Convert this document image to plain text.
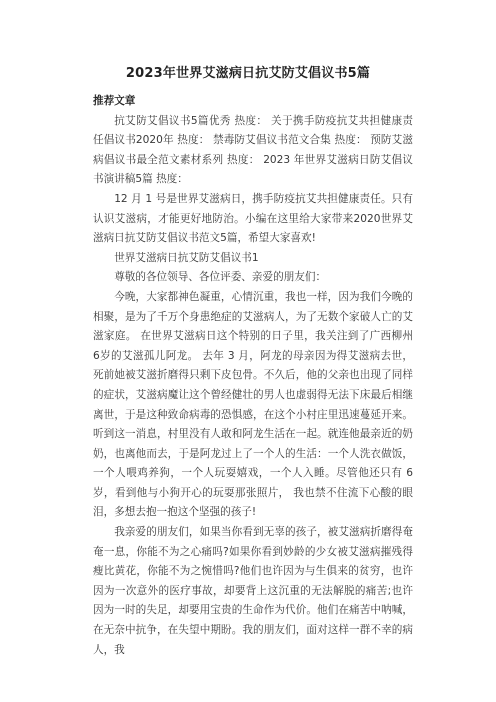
2023年世界艾滋病日抗艾防艾倡议书5篇

推荐文章

抗艾防艾倡议书5篇优秀 热度： 关于携手防疫抗艾共担健康责任倡议书2020年 热度： 禁毒防艾倡议书范文合集 热度： 预防艾滋病倡议书最全范文素材系列 热度： 2023 年世界艾滋病日防艾倡议书演讲稿5篇 热度：

12 月 1 号是世界艾滋病日，携手防疫抗艾共担健康责任。只有认识艾滋病，才能更好地防治。小编在这里给大家带来2020世界艾滋病日抗艾防艾倡议书范文5篇，希望大家喜欢!

世界艾滋病日抗艾防艾倡议书1

尊敬的各位领导、各位评委、亲爱的朋友们：

今晚，大家都神色凝重，心情沉重，我也一样，因为我们今晚的相聚，是为了千万个身患绝症的艾滋病人，为了无数个家破人亡的艾滋家庭。 在世界艾滋病日这个特别的日子里，我关注到了广西柳州 6岁的艾滋孤儿阿龙。 去年 3 月，阿龙的母亲因为得艾滋病去世，死前她被艾滋折磨得只剩下皮包骨。不久后，他的父亲也出现了同样的症状，艾滋病魔让这个曾经健壮的男人也虚弱得无法下床最后相继离世，于是这种致命病毒的恐惧感，在这个小村庄里迅速蔓延开来。听到这一消息，村里没有人敢和阿龙生活在一起。就连他最亲近的奶奶，也离他而去，于是阿龙过上了一个人的生活：一个人洗衣做饭，一个人喂鸡养狗，一个人玩耍嬉戏，一个人入睡。尽管他还只有 6 岁，看到他与小狗开心的玩耍那张照片， 我也禁不住流下心酸的眼泪，多想去抱一抱这个坚强的孩子!

我亲爱的朋友们，如果当你看到无辜的孩子，被艾滋病折磨得奄奄一息，你能不为之心痛吗?如果你看到妙龄的少女被艾滋病摧残得瘦比黄花，你能不为之惋惜吗?他们也许因为与生俱来的贫穷，也许因为一次意外的医疗事故，却要背上这沉重的无法解脱的痛苦;也许因为一时的失足，却要用宝贵的生命作为代价。他们在痛苦中呐喊，在无奈中抗争，在失望中期盼。我的朋友们，面对这样一群不幸的病人，我
